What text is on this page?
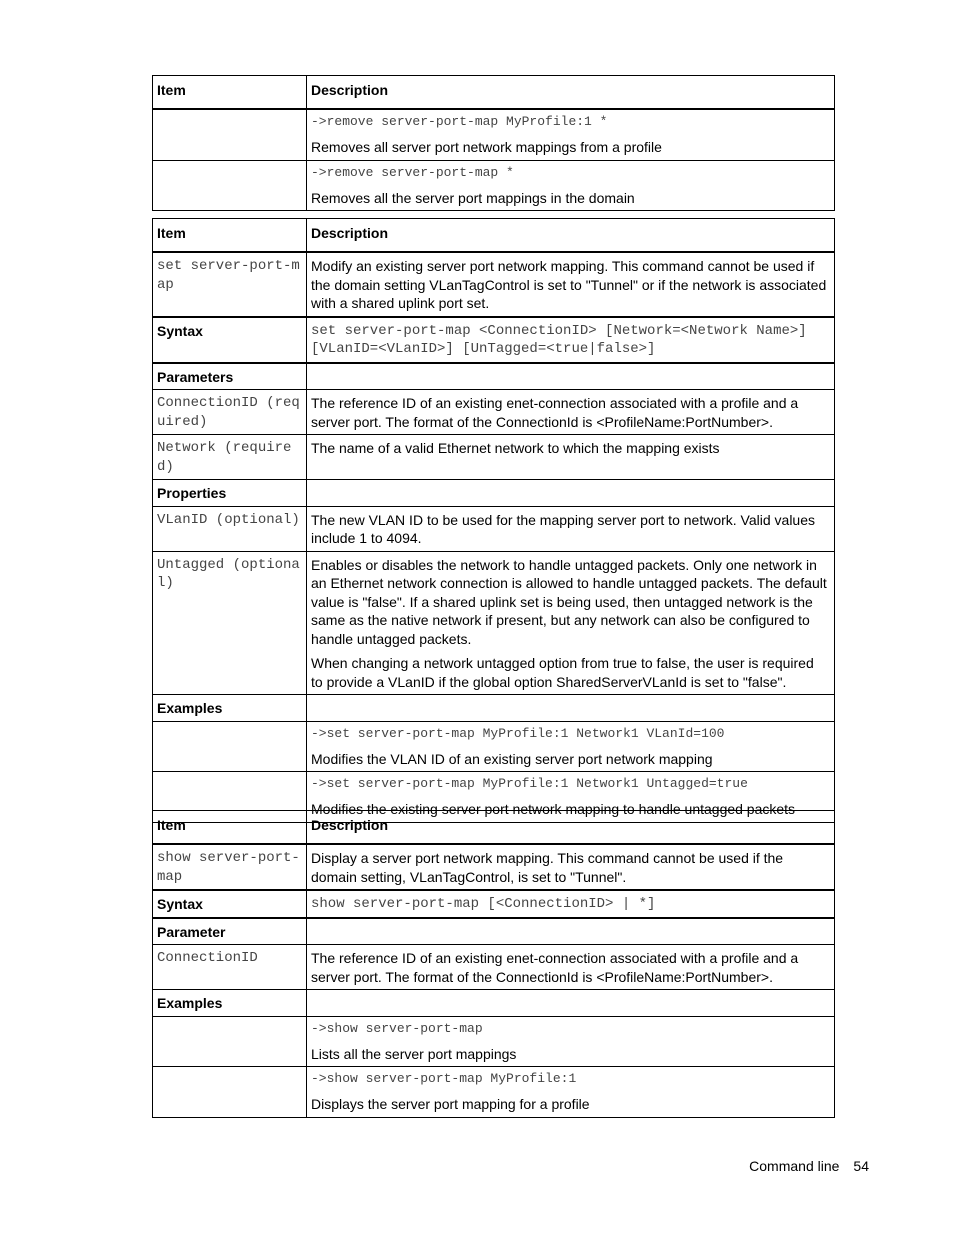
Item	Description

	->remove server-port-map MyProfile:1 *
Removes all server port network mappings from a profile

	->remove server-port-map *
Removes all the server port mappings in the domain
Item	Description
set server-port-map	Modify an existing server port network mapping. This command cannot be used if the domain setting VLanTagControl is set to "Tunnel" or if the network is associated with a shared uplink port set.
Syntax	set server-port-map <ConnectionID> [Network=<Network Name>] [VLanID=<VLanID>] [UnTagged=<true|false>]
Parameters	
ConnectionID (required)	The reference ID of an existing enet-connection associated with a profile and a server port. The format of the ConnectionId is <ProfileName:PortNumber>.
Network (required)	The name of a valid Ethernet network to which the mapping exists
Properties	
VLanID (optional)	The new VLAN ID to be used for the mapping server port to network. Valid values include 1 to 4094.
Untagged (optional)	Enables or disables the network to handle untagged packets. Only one network in an Ethernet network connection is allowed to handle untagged packets. The default value is "false". If a shared uplink set is being used, then untagged network is the same as the native network if present, but any network can also be configured to handle untagged packets.
When changing a network untagged option from true to false, the user is required to provide a VLanID if the global option SharedServerVLanId is set to "false".

Examples	

	->set server-port-map MyProfile:1 Network1 VLanId=100
Modifies the VLAN ID of an existing server port network mapping

	->set server-port-map MyProfile:1 Network1 Untagged=true
Modifies the existing server port network mapping to handle untagged packets
Item	Description
show server-port-map	Display a server port network mapping. This command cannot be used if the domain setting, VLanTagControl, is set to "Tunnel".
Syntax	show server-port-map [<ConnectionID> | *]
Parameter	
ConnectionID	The reference ID of an existing enet-connection associated with a profile and a server port. The format of the ConnectionId is <ProfileName:PortNumber>.
Examples	

	->show server-port-map
Lists all the server port mappings

	->show server-port-map MyProfile:1
Displays the server port mapping for a profile
Command line 54
